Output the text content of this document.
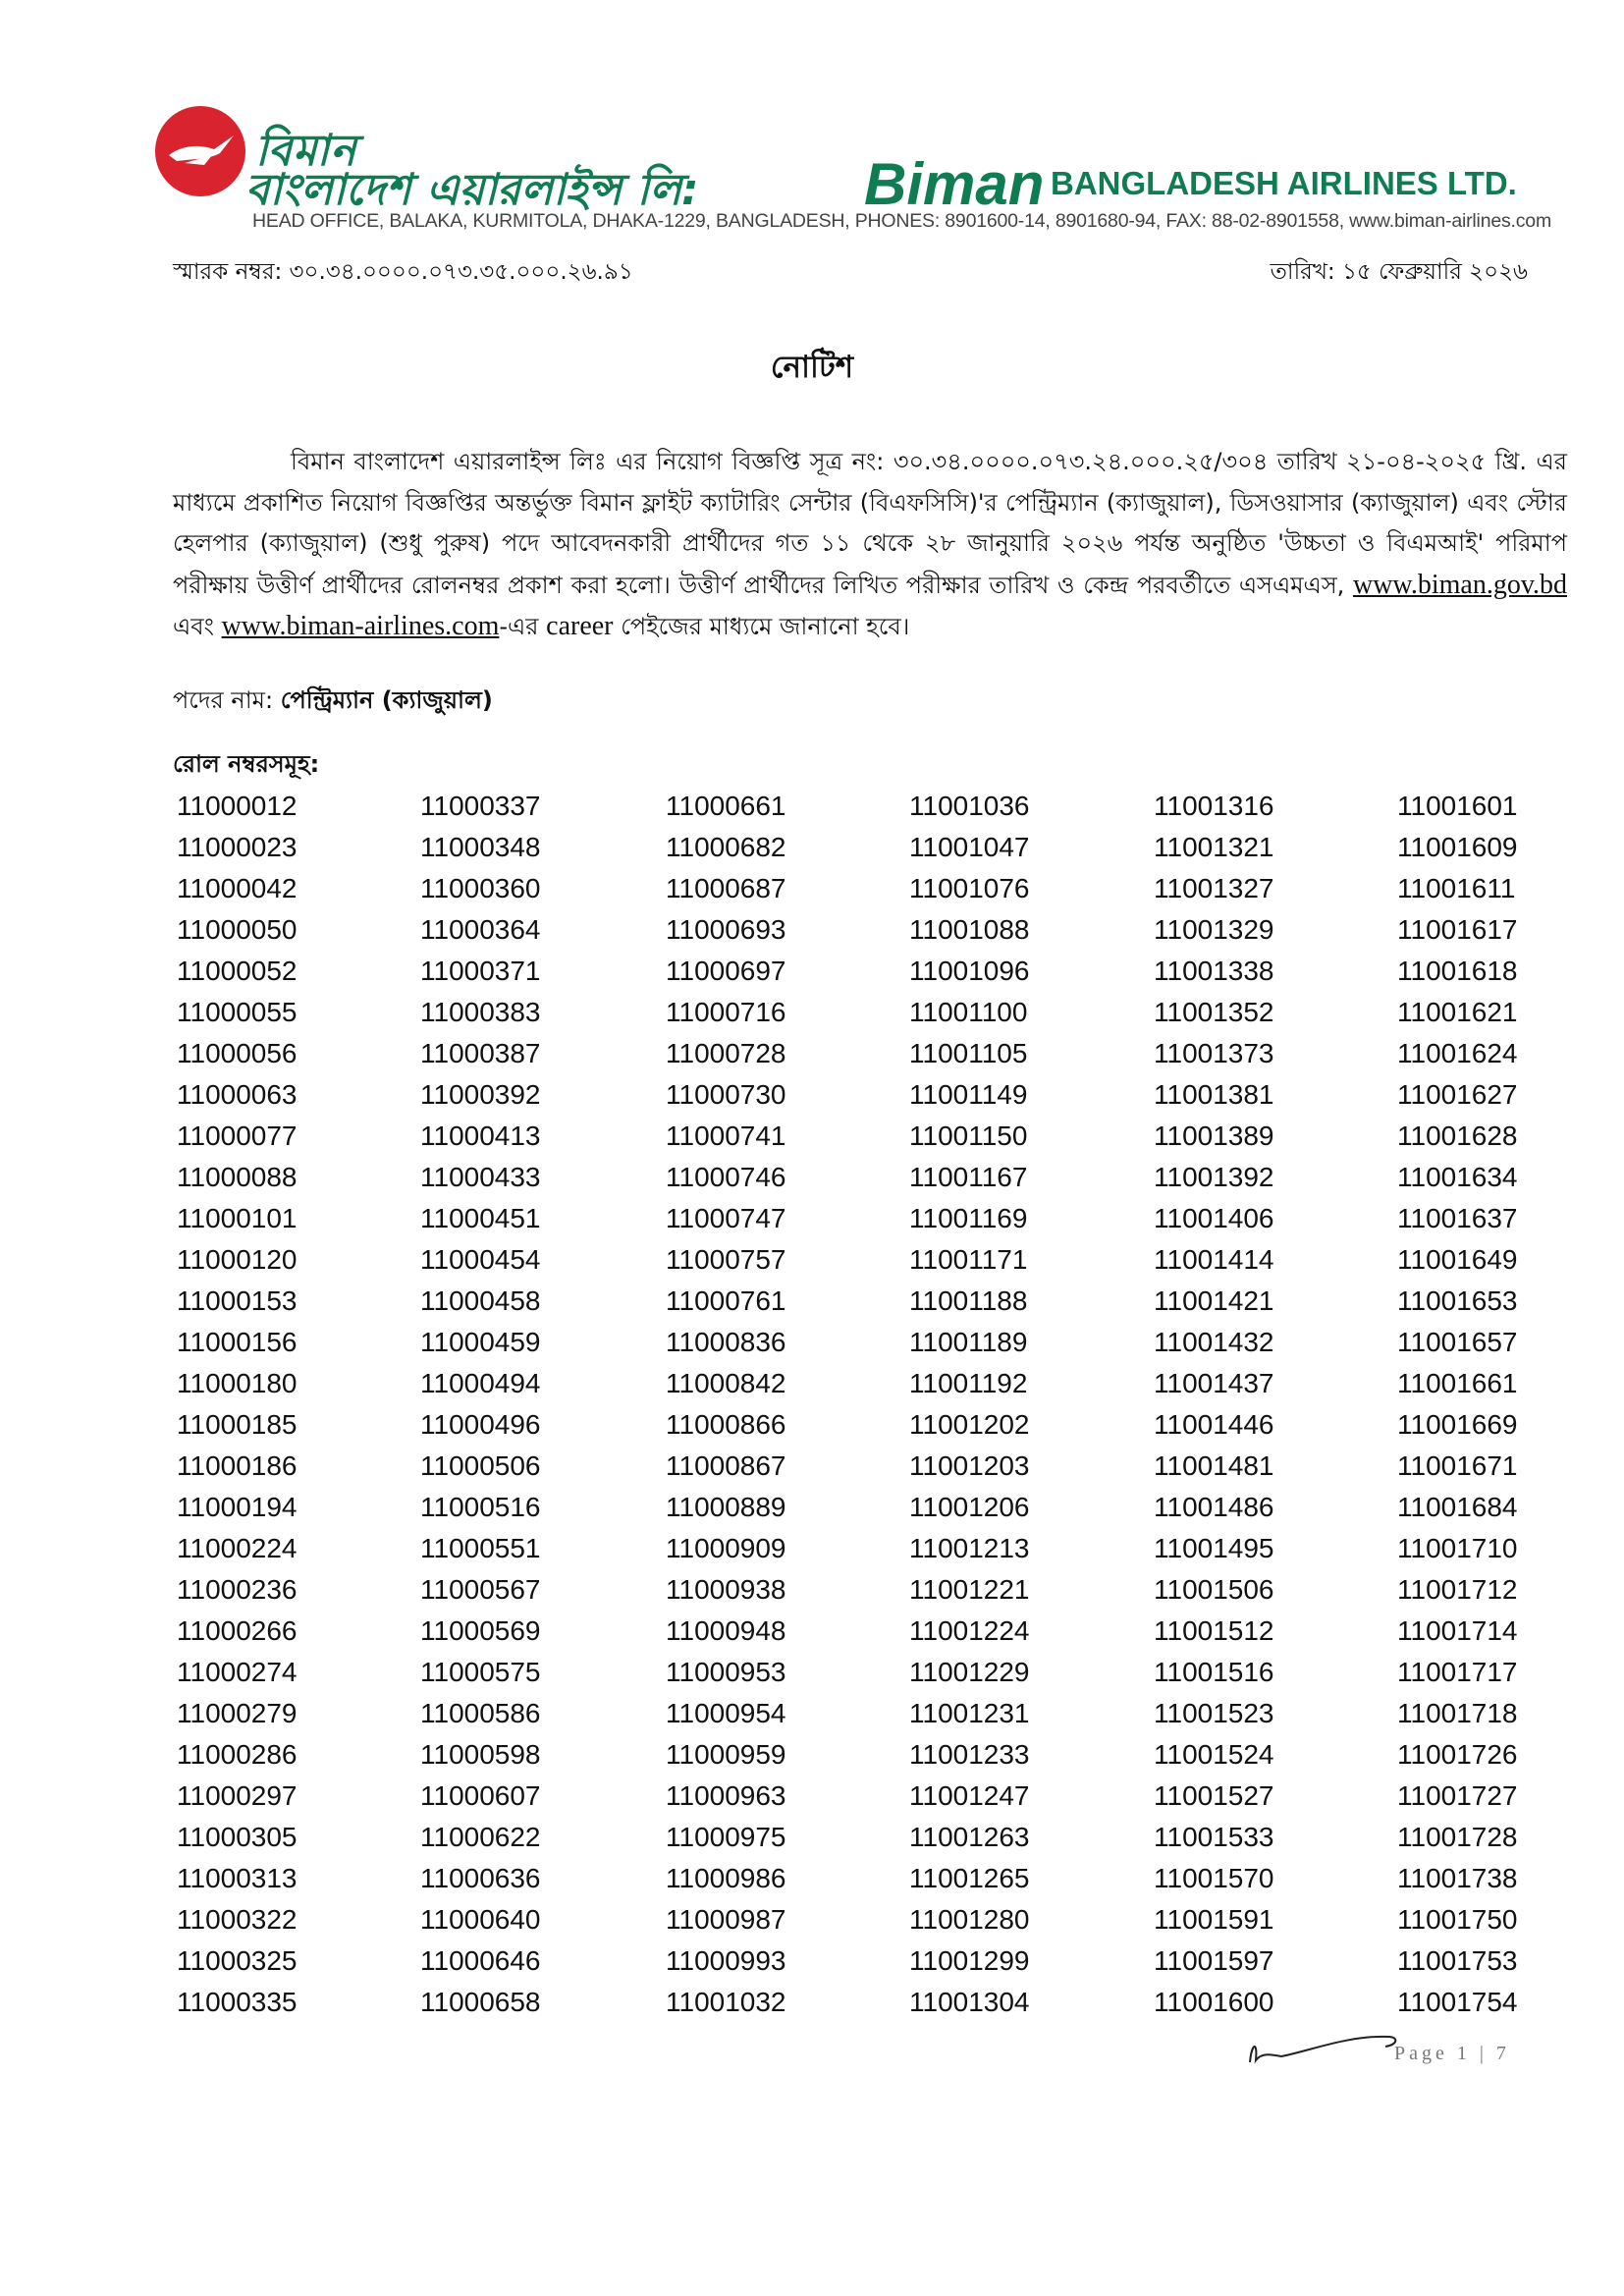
বিমান
বাংলাদেশ এয়ারলাইন্স লি:	Biman BANGLADESH AIRLINES LTD.
HEAD OFFICE, BALAKA, KURMITOLA, DHAKA-1229, BANGLADESH, PHONES: 8901600-14, 8901680-94, FAX: 88-02-8901558, www.biman-airlines.com
স্মারক নম্বর: ৩০.৩৪.০০০০.০৭৩.৩৫.০০০.২৬.৯১	তারিখ: ১৫ ফেব্রুয়ারি ২০২৬
নোটিশ
বিমান বাংলাদেশ এয়ারলাইন্স লিঃ এর নিয়োগ বিজ্ঞপ্তি সূত্র নং: ৩০.৩৪.০০০০.০৭৩.২৪.০০০.২৫/৩০৪ তারিখ ২১-০৪-২০২৫ খ্রি. এর মাধ্যমে প্রকাশিত নিয়োগ বিজ্ঞপ্তির অন্তর্ভুক্ত বিমান ফ্লাইট ক্যাটারিং সেন্টার (বিএফসিসি)'র পেন্ট্রিম্যান (ক্যাজুয়াল), ডিসওয়াসার (ক্যাজুয়াল) এবং স্টোর হেলপার (ক্যাজুয়াল) (শুধু পুরুষ) পদে আবেদনকারী প্রার্থীদের গত ১১ থেকে ২৮ জানুয়ারি ২০২৬ পর্যন্ত অনুষ্ঠিত 'উচ্চতা ও বিএমআই' পরিমাপ পরীক্ষায় উত্তীর্ণ প্রার্থীদের রোলনম্বর প্রকাশ করা হলো। উত্তীর্ণ প্রার্থীদের লিখিত পরীক্ষার তারিখ ও কেন্দ্র পরবর্তীতে এসএমএস, www.biman.gov.bd এবং www.biman-airlines.com-এর career পেইজের মাধ্যমে জানানো হবে।
পদের নাম: পেন্ট্রিম্যান (ক্যাজুয়াল)
রোল নম্বরসমূহ:
11000012
11000023
11000042
11000050
11000052
11000055
11000056
11000063
11000077
11000088
11000101
11000120
11000153
11000156
11000180
11000185
11000186
11000194
11000224
11000236
11000266
11000274
11000279
11000286
11000297
11000305
11000313
11000322
11000325
11000335
11000337
11000348
11000360
11000364
11000371
11000383
11000387
11000392
11000413
11000433
11000451
11000454
11000458
11000459
11000494
11000496
11000506
11000516
11000551
11000567
11000569
11000575
11000586
11000598
11000607
11000622
11000636
11000640
11000646
11000658
11000661
11000682
11000687
11000693
11000697
11000716
11000728
11000730
11000741
11000746
11000747
11000757
11000761
11000836
11000842
11000866
11000867
11000889
11000909
11000938
11000948
11000953
11000954
11000959
11000963
11000975
11000986
11000987
11000993
11001032
11001036
11001047
11001076
11001088
11001096
11001100
11001105
11001149
11001150
11001167
11001169
11001171
11001188
11001189
11001192
11001202
11001203
11001206
11001213
11001221
11001224
11001229
11001231
11001233
11001247
11001263
11001265
11001280
11001299
11001304
11001316
11001321
11001327
11001329
11001338
11001352
11001373
11001381
11001389
11001392
11001406
11001414
11001421
11001432
11001437
11001446
11001481
11001486
11001495
11001506
11001512
11001516
11001523
11001524
11001527
11001533
11001570
11001591
11001597
11001600
11001601
11001609
11001611
11001617
11001618
11001621
11001624
11001627
11001628
11001634
11001637
11001649
11001653
11001657
11001661
11001669
11001671
11001684
11001710
11001712
11001714
11001717
11001718
11001726
11001727
11001728
11001738
11001750
11001753
11001754
Page 1 | 7
